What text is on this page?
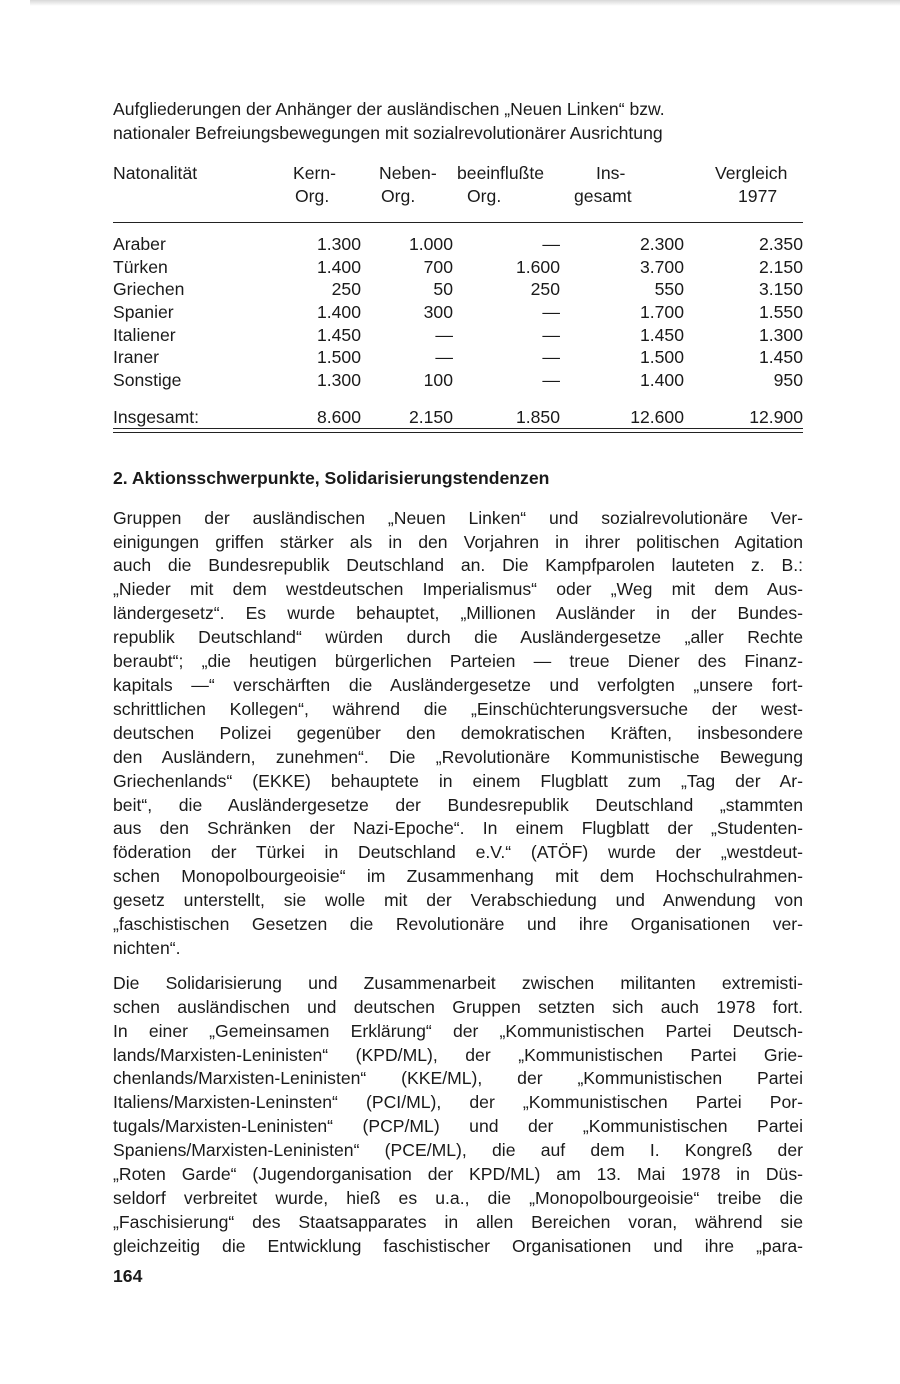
Aufgliederungen der Anhänger der ausländischen „Neuen Linken“ bzw.
nationaler Befreiungsbewegungen mit sozialrevolutionärer Ausrichtung
Natonalität	Kern-	Neben-	beeinflußte	Ins-	Vergleich
	Org.	Org.	Org.	gesamt	1977

Araber	1.300	1.000	—	2.300	2.350
Türken	1.400	700	1.600	3.700	2.150
Griechen	250	50	250	550	3.150
Spanier	1.400	300	—	1.700	1.550
Italiener	1.450	—	—	1.450	1.300
Iraner	1.500	—	—	1.500	1.450
Sonstige	1.300	100	—	1.400	950

Insgesamt:	8.600	2.150	1.850	12.600	12.900

2. Aktionsschwerpunkte, Solidarisierungstendenzen

Gruppen der ausländischen „Neuen Linken“ und sozialrevolutionäre Ver-
einigungen griffen stärker als in den Vorjahren in ihrer politischen Agitation
auch die Bundesrepublik Deutschland an. Die Kampfparolen lauteten z. B.:
„Nieder mit dem westdeutschen Imperialismus“ oder „Weg mit dem Aus-
ländergesetz“. Es wurde behauptet, „Millionen Ausländer in der Bundes-
republik Deutschland“ würden durch die Ausländergesetze „aller Rechte
beraubt“; „die heutigen bürgerlichen Parteien — treue Diener des Finanz-
kapitals —“ verschärften die Ausländergesetze und verfolgten „unsere fort-
schrittlichen Kollegen“, während die „Einschüchterungsversuche der west-
deutschen Polizei gegenüber den demokratischen Kräften, insbesondere
den Ausländern, zunehmen“. Die „Revolutionäre Kommunistische Bewegung
Griechenlands“ (EKKE) behauptete in einem Flugblatt zum „Tag der Ar-
beit“, die Ausländergesetze der Bundesrepublik Deutschland „stammten
aus den Schränken der Nazi-Epoche“. In einem Flugblatt der „Studenten-
föderation der Türkei in Deutschland e.V.“ (ATÖF) wurde der „westdeut-
schen Monopolbourgeoisie“ im Zusammenhang mit dem Hochschulrahmen-
gesetz unterstellt, sie wolle mit der Verabschiedung und Anwendung von
„faschistischen Gesetzen die Revolutionäre und ihre Organisationen ver-
nichten“.

Die Solidarisierung und Zusammenarbeit zwischen militanten extremisti-
schen ausländischen und deutschen Gruppen setzten sich auch 1978 fort.
In einer „Gemeinsamen Erklärung“ der „Kommunistischen Partei Deutsch-
lands/Marxisten-Leninisten“ (KPD/ML), der „Kommunistischen Partei Grie-
chenlands/Marxisten-Leninisten“ (KKE/ML), der „Kommunistischen Partei
Italiens/Marxisten-Leninsten“ (PCI/ML), der „Kommunistischen Partei Por-
tugals/Marxisten-Leninisten“ (PCP/ML) und der „Kommunistischen Partei
Spaniens/Marxisten-Leninisten“ (PCE/ML), die auf dem I. Kongreß der
„Roten Garde“ (Jugendorganisation der KPD/ML) am 13. Mai 1978 in Düs-
seldorf verbreitet wurde, hieß es u.a., die „Monopolbourgeoisie“ treibe die
„Faschisierung“ des Staatsapparates in allen Bereichen voran, während sie
gleichzeitig die Entwicklung faschistischer Organisationen und ihre „para-

164
